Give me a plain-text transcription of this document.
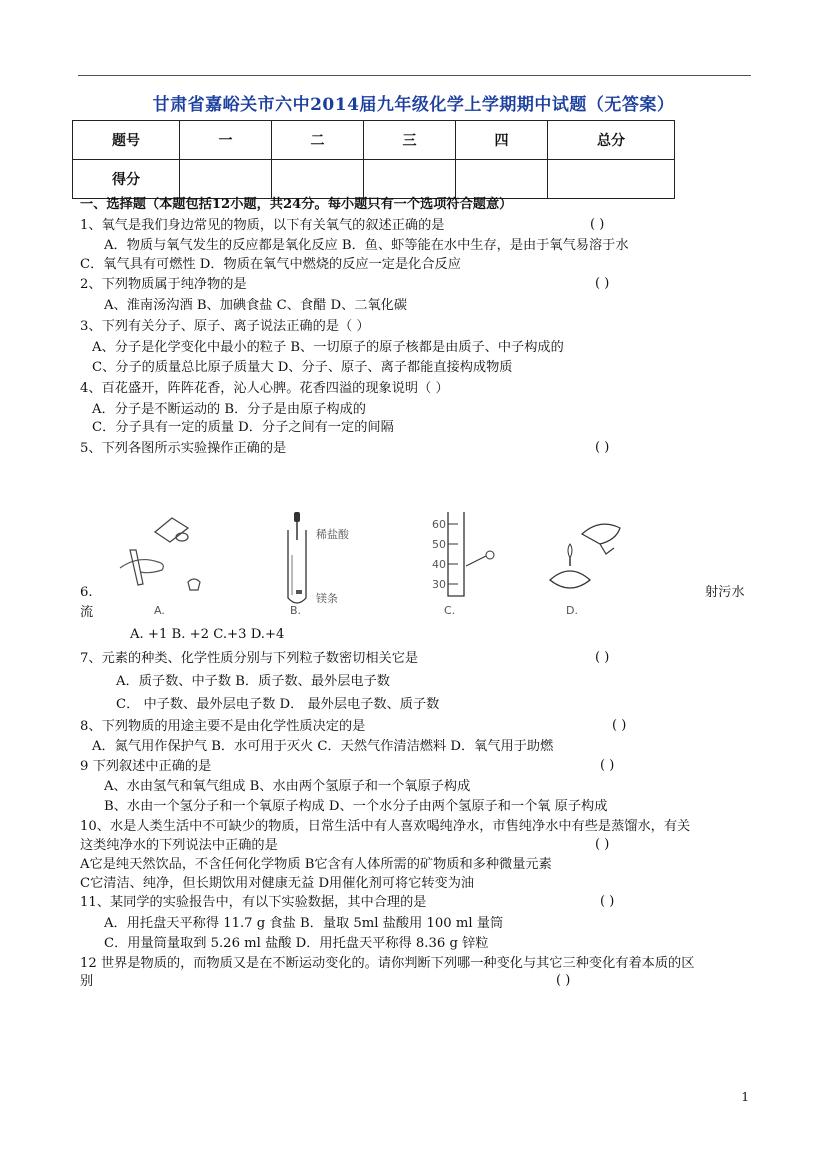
甘肃省嘉峪关市六中2014届九年级化学上学期期中试题（无答案）
题号	一	二	三	四	总分
得分					
一、选择题（本题包括12小题，共24分。每小题只有一个选项符合题意）
1、氧气是我们身边常见的物质，以下有关氧气的叙述正确的是	( )
A．物质与氧气发生的反应都是氧化反应 B．鱼、虾等能在水中生存，是由于氧气易溶于水
C．氧气具有可燃性 D．物质在氧气中燃烧的反应一定是化合反应
2、下列物质属于纯净物的是	( )
A、淮南汤沟酒 B、加碘食盐 C、食醋 D、二氧化碳
3、下列有关分子、原子、离子说法正确的是（ ）
A、分子是化学变化中最小的粒子 B、一切原子的原子核都是由质子、中子构成的
C、分子的质量总比原子质量大 D、分子、原子、离子都能直接构成物质
4、百花盛开，阵阵花香，沁人心脾。花香四溢的现象说明（ ）
A．分子是不断运动的 B．分子是由原子构成的
C．分子具有一定的质量 D．分子之间有一定的间隔
5、下列各图所示实验操作正确的是	( )
A.
稀盐酸
镁条
B.
60
50
40
30
C.	D.
6.	射污水
流
A. +1 B. +2 C.+3 D.+4
7、元素的种类、化学性质分别与下列粒子数密切相关它是	( )
A．质子数、中子数 B．质子数、最外层电子数
C． 中子数、最外层电子数 D． 最外层电子数、质子数
8、下列物质的用途主要不是由化学性质决定的是	( )
A．氮气用作保护气 B．水可用于灭火 C．天然气作清洁燃料 D．氧气用于助燃
9 下列叙述中正确的是	( )
A、水由氢气和氧气组成 B、水由两个氢原子和一个氧原子构成
B、水由一个氢分子和一个氧原子构成 D、一个水分子由两个氢原子和一个氧 原子构成
10、水是人类生活中不可缺少的物质，日常生活中有人喜欢喝纯净水，市售纯净水中有些是蒸馏水，有关
这类纯净水的下列说法中正确的是	( )
A它是纯天然饮品，不含任何化学物质 B它含有人体所需的矿物质和多种微量元素
C它清洁、纯净，但长期饮用对健康无益 D用催化剂可将它转变为油
11、某同学的实验报告中，有以下实验数据，其中合理的是	( )
A．用托盘天平称得 11.7 g 食盐 B．量取 5ml 盐酸用 100 ml 量筒
C．用量筒量取到 5.26 ml 盐酸 D．用托盘天平称得 8.36 g 锌粒
12 世界是物质的，而物质又是在不断运动变化的。请你判断下列哪一种变化与其它三种变化有着本质的区
别	( )
1
